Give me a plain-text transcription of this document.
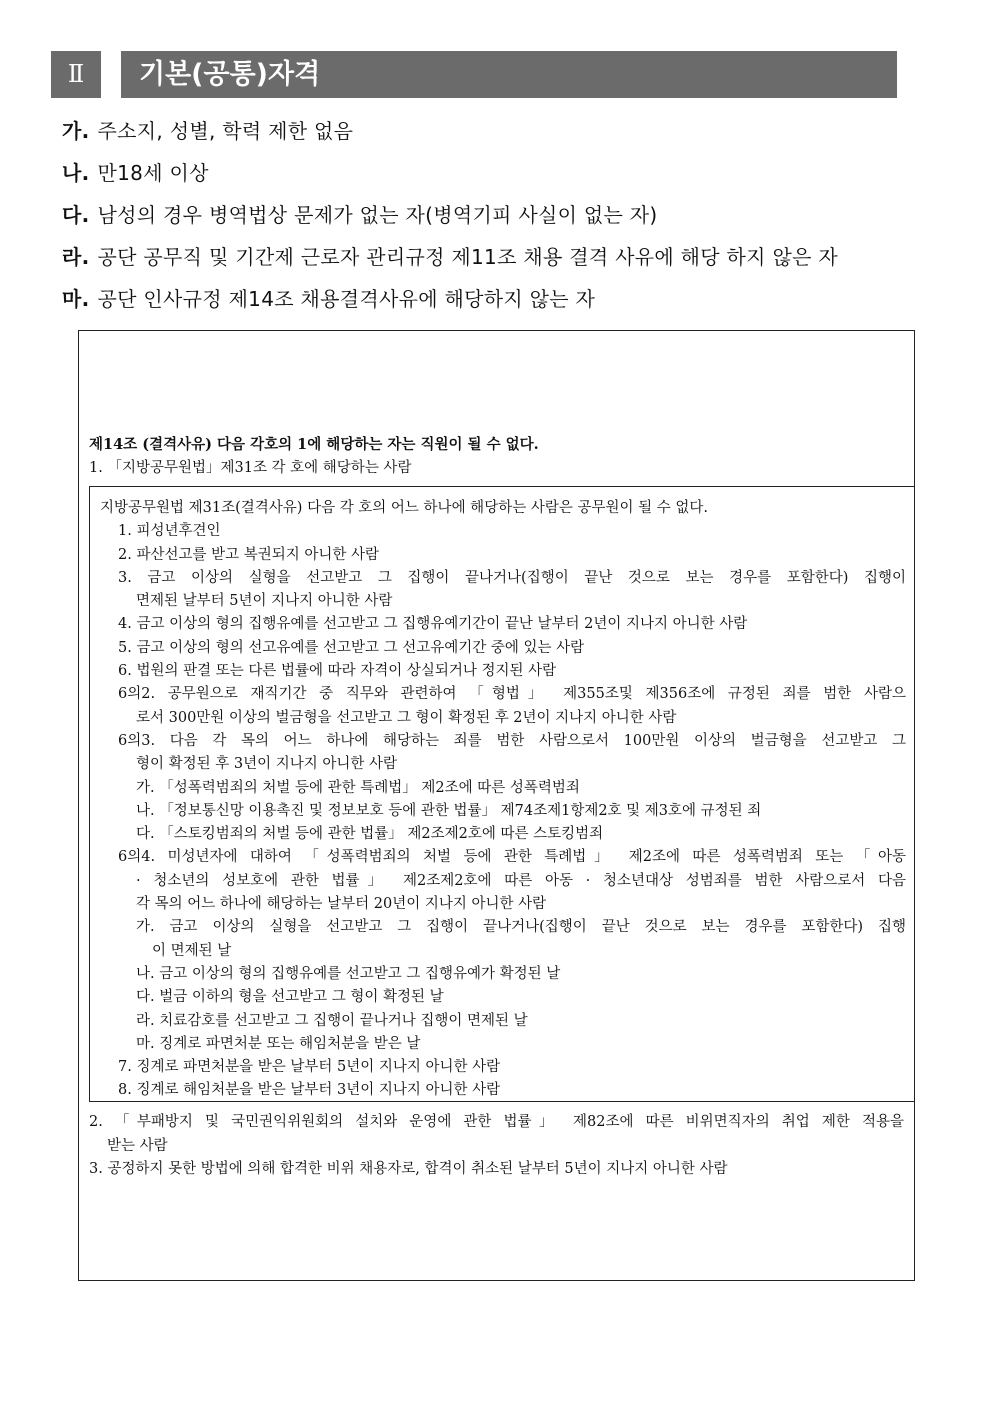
Ⅱ	기본(공통)자격
가. 주소지, 성별, 학력 제한 없음
나. 만18세 이상
다. 남성의 경우 병역법상 문제가 없는 자(병역기피 사실이 없는 자)
라. 공단 공무직 및 기간제 근로자 관리규정 제11조 채용 결격 사유에 해당 하지 않은 자
마. 공단 인사규정 제14조 채용결격사유에 해당하지 않는 자
제14조 (결격사유) 다음 각호의 1에 해당하는 자는 직원이 될 수 없다.
1. 「지방공무원법」제31조 각 호에 해당하는 사람
지방공무원법 제31조(결격사유) 다음 각 호의 어느 하나에 해당하는 사람은 공무원이 될 수 없다.
1. 피성년후견인
2. 파산선고를 받고 복권되지 아니한 사람
3. 금고 이상의 실형을 선고받고 그 집행이 끝나거나(집행이 끝난 것으로 보는 경우를 포함한다) 집행이
면제된 날부터 5년이 지나지 아니한 사람
4. 금고 이상의 형의 집행유예를 선고받고 그 집행유예기간이 끝난 날부터 2년이 지나지 아니한 사람
5. 금고 이상의 형의 선고유예를 선고받고 그 선고유예기간 중에 있는 사람
6. 법원의 판결 또는 다른 법률에 따라 자격이 상실되거나 정지된 사람
6의2. 공무원으로 재직기간 중 직무와 관련하여 「형법」 제355조및 제356조에 규정된 죄를 범한 사람으
로서 300만원 이상의 벌금형을 선고받고 그 형이 확정된 후 2년이 지나지 아니한 사람
6의3. 다음 각 목의 어느 하나에 해당하는 죄를 범한 사람으로서 100만원 이상의 벌금형을 선고받고 그
형이 확정된 후 3년이 지나지 아니한 사람
가. 「성폭력범죄의 처벌 등에 관한 특례법」 제2조에 따른 성폭력범죄
나. 「정보통신망 이용촉진 및 정보보호 등에 관한 법률」 제74조제1항제2호 및 제3호에 규정된 죄
다. 「스토킹범죄의 처벌 등에 관한 법률」 제2조제2호에 따른 스토킹범죄
6의4. 미성년자에 대하여 「성폭력범죄의 처벌 등에 관한 특례법」 제2조에 따른 성폭력범죄 또는 「아동
· 청소년의 성보호에 관한 법률」 제2조제2호에 따른 아동 · 청소년대상 성범죄를 범한 사람으로서 다음
각 목의 어느 하나에 해당하는 날부터 20년이 지나지 아니한 사람
가. 금고 이상의 실형을 선고받고 그 집행이 끝나거나(집행이 끝난 것으로 보는 경우를 포함한다) 집행
이 면제된 날
나. 금고 이상의 형의 집행유예를 선고받고 그 집행유예가 확정된 날
다. 벌금 이하의 형을 선고받고 그 형이 확정된 날
라. 치료감호를 선고받고 그 집행이 끝나거나 집행이 면제된 날
마. 징계로 파면처분 또는 해임처분을 받은 날
7. 징계로 파면처분을 받은 날부터 5년이 지나지 아니한 사람
8. 징계로 해임처분을 받은 날부터 3년이 지나지 아니한 사람
2. 「부패방지 및 국민권익위원회의 설치와 운영에 관한 법률」 제82조에 따른 비위면직자의 취업 제한 적용을
받는 사람
3. 공정하지 못한 방법에 의해 합격한 비위 채용자로, 합격이 취소된 날부터 5년이 지나지 아니한 사람
